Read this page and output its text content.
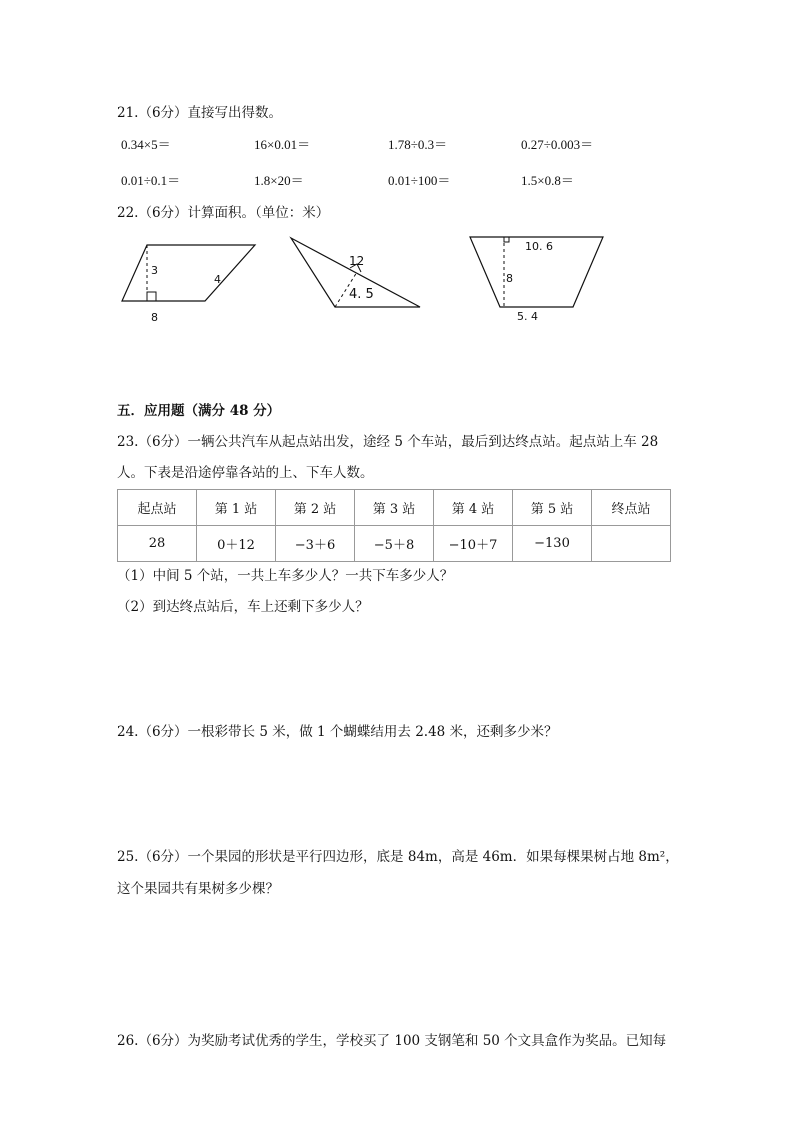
21.（6分）直接写出得数。
0.34×5＝	16×0.01＝	1.78÷0.3＝	0.27÷0.003＝
0.01÷0.1＝	1.8×20＝	0.01÷100＝	1.5×0.8＝
22.（6分）计算面积。（单位：米）
3
4
8
12
4. 5
10. 6
8
5. 4
五．应用题（满分 48 分）
23.（6分）一辆公共汽车从起点站出发，途经 5 个车站，最后到达终点站。起点站上车 28
人。下表是沿途停靠各站的上、下车人数。
起点站	第 1 站	第 2 站	第 3 站	第 4 站	第 5 站	终点站
28	0＋12	−3＋6	−5＋8	−10＋7	−130	
（1）中间 5 个站，一共上车多少人？一共下车多少人？
（2）到达终点站后，车上还剩下多少人？
24.（6分）一根彩带长 5 米，做 1 个蝴蝶结用去 2.48 米，还剩多少米？
25.（6分）一个果园的形状是平行四边形，底是 84m，高是 46m．如果每棵果树占地 8m²，
这个果园共有果树多少棵？
26.（6分）为奖励考试优秀的学生，学校买了 100 支钢笔和 50 个文具盒作为奖品。已知每
